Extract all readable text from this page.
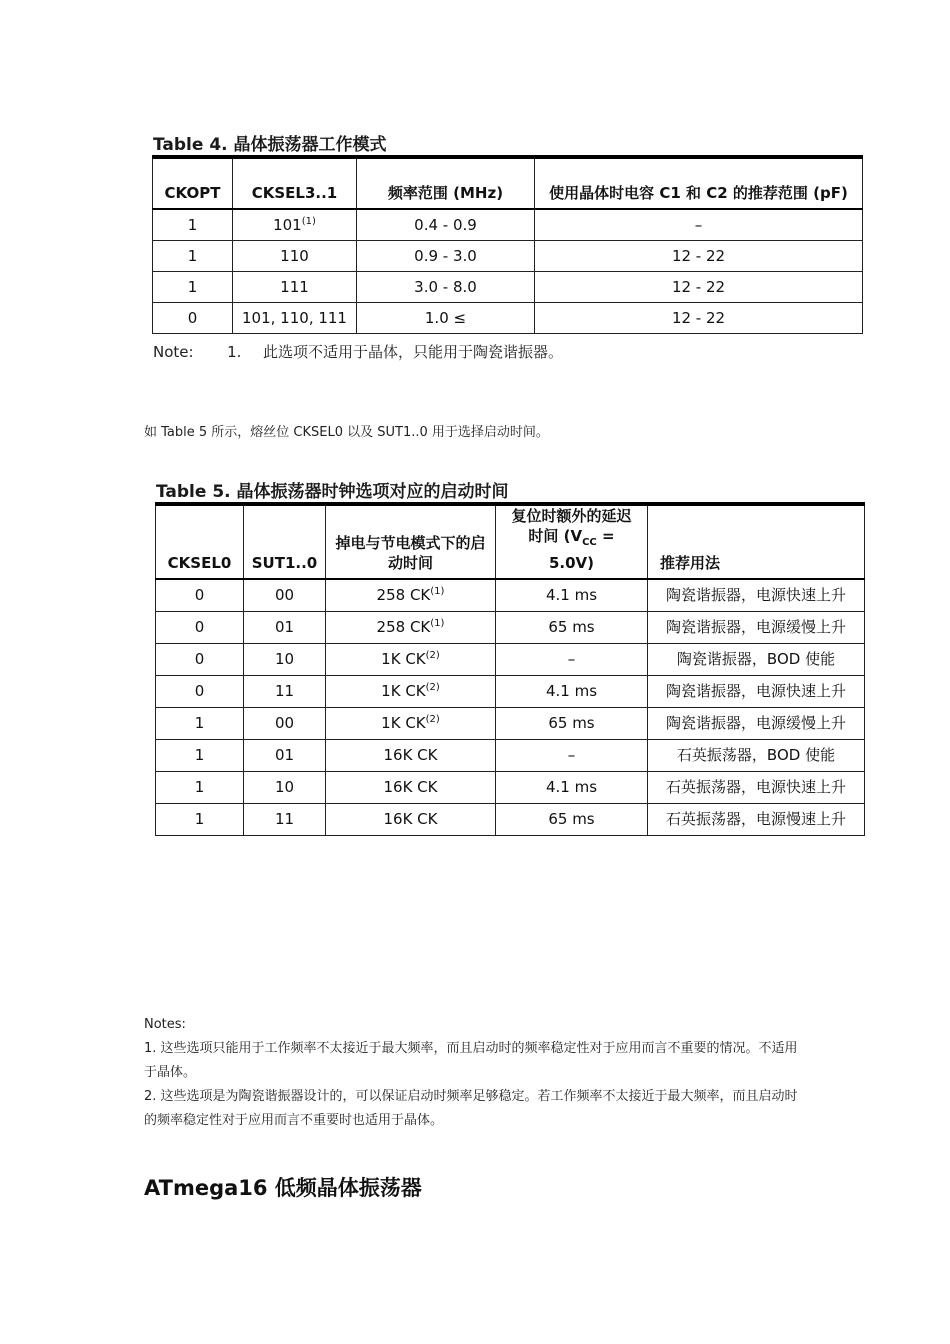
Table 4. 晶体振荡器工作模式
CKOPT	CKSEL3..1	频率范围 (MHz)	使用晶体时电容 C1 和 C2 的推荐范围 (pF)
1	101$^{(1)}$	0.4 - 0.9	–
1	110	0.9 - 3.0	12 - 22
1	111	3.0 - 8.0	12 - 22
0	101, 110, 111	1.0 ≤	12 - 22
Note: 1. 此选项不适用于晶体，只能用于陶瓷谐振器。
如 Table 5 所示，熔丝位 CKSEL0 以及 SUT1..0 用于选择启动时间。
Table 5. 晶体振荡器时钟选项对应的启动时间
CKSEL0	SUT1..0	掉电与节电模式下的启动时间	复位时额外的延迟时间 $(V_{CC} = 5.0V)$	推荐用法
0	00	258 CK$^{(1)}$	4.1 ms	陶瓷谐振器，电源快速上升
0	01	258 CK$^{(1)}$	65 ms	陶瓷谐振器，电源缓慢上升
0	10	1K CK$^{(2)}$	–	陶瓷谐振器，BOD 使能
0	11	1K CK$^{(2)}$	4.1 ms	陶瓷谐振器，电源快速上升
1	00	1K CK$^{(2)}$	65 ms	陶瓷谐振器，电源缓慢上升
1	01	16K CK	–	石英振荡器，BOD 使能
1	10	16K CK	4.1 ms	石英振荡器，电源快速上升
1	11	16K CK	65 ms	石英振荡器，电源慢速上升
Notes:
1. 这些选项只能用于工作频率不太接近于最大频率，而且启动时的频率稳定性对于应用而言不重要的情况。不适用于晶体。
2. 这些选项是为陶瓷谐振器设计的，可以保证启动时频率足够稳定。若工作频率不太接近于最大频率，而且启动时的频率稳定性对于应用而言不重要时也适用于晶体。
ATmega16 低频晶体振荡器
